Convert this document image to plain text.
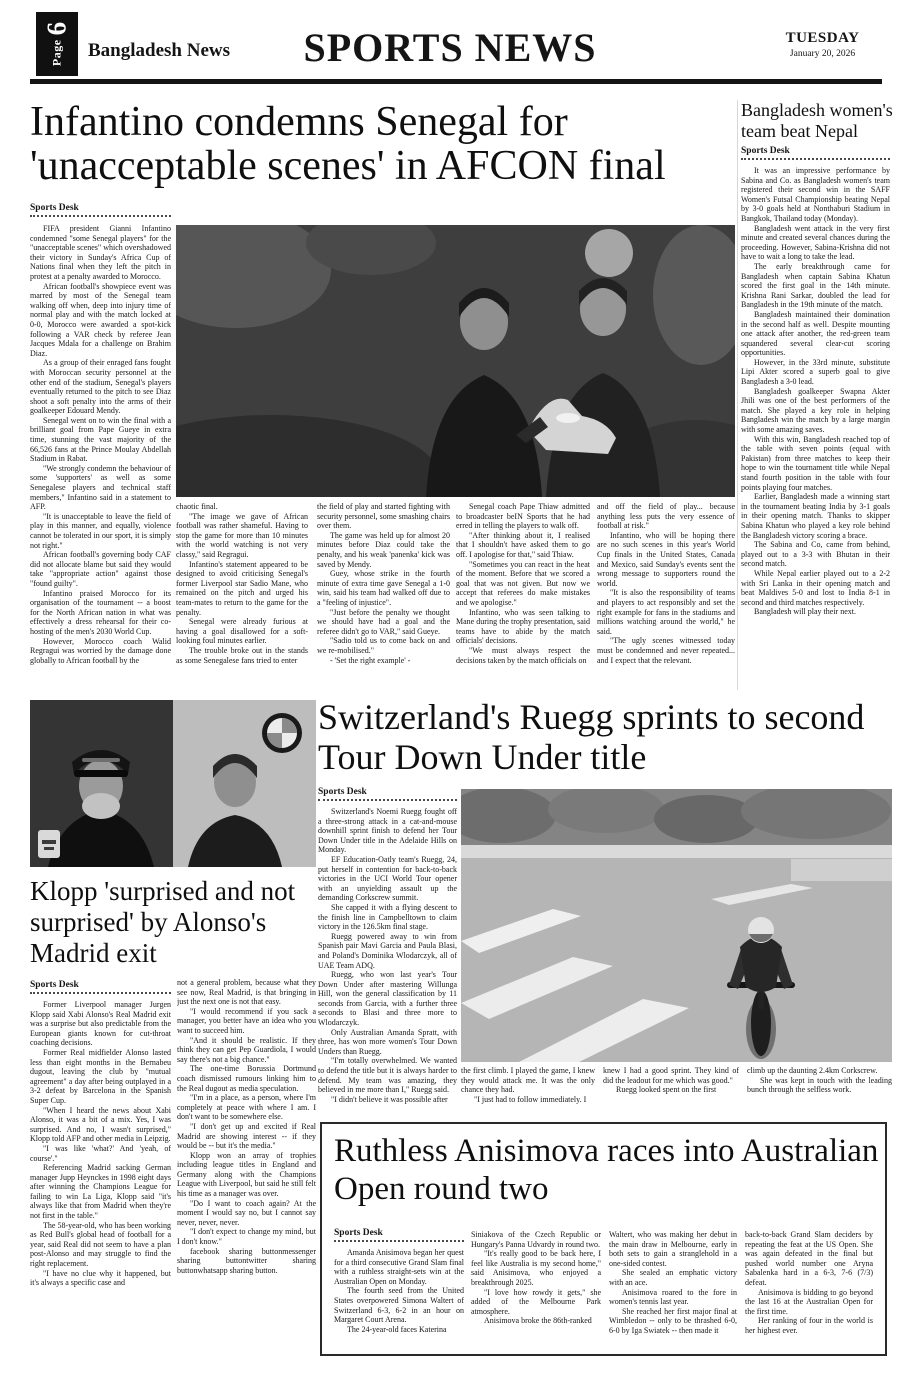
Page
6
Bangladesh News	SPORTS NEWS	TUESDAY
January 20, 2026
Infantino condemns Senegal for 'unacceptable scenes' in AFCON final
Sports Desk

FIFA president Gianni Infantino condemned "some Senegal players" for the "unacceptable scenes" which overshadowed their victory in Sunday's Africa Cup of Nations final when they left the pitch in protest at a penalty awarded to Morocco.

African football's showpiece event was marred by most of the Senegal team walking off when, deep into injury time of normal play and with the match locked at 0-0, Morocco were awarded a spot-kick following a VAR check by referee Jean Jacques Mdala for a challenge on Brahim Diaz.

As a group of their enraged fans fought with Moroccan security personnel at the other end of the stadium, Senegal's players eventually returned to the pitch to see Diaz shoot a soft penalty into the arms of their goalkeeper Edouard Mendy.

Senegal went on to win the final with a brilliant goal from Pape Gueye in extra time, stunning the vast majority of the 66,526 fans at the Prince Moulay Abdellah Stadium in Rabat.

"We strongly condemn the behaviour of some 'supporters' as well as some Senegalese players and technical staff members," Infantino said in a statement to AFP.

"It is unacceptable to leave the field of play in this manner, and equally, violence cannot be tolerated in our sport, it is simply not right."

African football's governing body CAF did not allocate blame but said they would take "appropriate action" against those "found guilty".

Infantino praised Morocco for its organisation of the tournament -- a boost for the North African nation in what was effectively a dress rehearsal for their co-hosting of the men's 2030 World Cup.

However, Morocco coach Walid Regragui was worried by the damage done globally to African football by the

chaotic final.

"The image we gave of African football was rather shameful. Having to stop the game for more than 10 minutes with the world watching is not very classy," said Regragui.

Infantino's statement appeared to be designed to avoid criticising Senegal's former Liverpool star Sadio Mane, who remained on the pitch and urged his team-mates to return to the game for the penalty.

Senegal were already furious at having a goal disallowed for a soft-looking foul minutes earlier.

The trouble broke out in the stands as some Senegalese fans tried to enter

the field of play and started fighting with security personnel, some smashing chairs over them.

The game was held up for almost 20 minutes before Diaz could take the penalty, and his weak 'panenka' kick was saved by Mendy.

Guey, whose strike in the fourth minute of extra time gave Senegal a 1-0 win, said his team had walked off due to a "feeling of injustice".

"Just before the penalty we thought we should have had a goal and the referee didn't go to VAR," said Gueye.

"Sadio told us to come back on and we re-mobilised."

- 'Set the right example' -

Senegal coach Pape Thiaw admitted to broadcaster beIN Sports that he had erred in telling the players to walk off.

"After thinking about it, I realised that I shouldn't have asked them to go off. I apologise for that," said Thiaw.

"Sometimes you can react in the heat of the moment. Before that we scored a goal that was not given. But now we accept that referees do make mistakes and we apologise."

Infantino, who was seen talking to Mane during the trophy presentation, said teams have to abide by the match officials' decisions.

"We must always respect the decisions taken by the match officials on

and off the field of play... because anything less puts the very essence of football at risk."

Infantino, who will be hoping there are no such scenes in this year's World Cup finals in the United States, Canada and Mexico, said Sunday's events sent the wrong message to supporters round the world.

"It is also the responsibility of teams and players to act responsibly and set the right example for fans in the stadiums and millions watching around the world," he said.

"The ugly scenes witnessed today must be condemned and never repeated... and I expect that the relevant.

Bangladesh women's team beat Nepal
Sports Desk

It was an impressive performance by Sabina and Co. as Bangladesh women's team registered their second win in the SAFF Women's Futsal Championship beating Nepal by 3-0 goals held at Nonthaburi Stadium in Bangkok, Thailand today (Monday).

Bangladesh went attack in the very first minute and created several chances during the proceeding. However, Sabina-Krishna did not have to wait a long to take the lead.

The early breakthrough came for Bangladesh when captain Sabina Khatun scored the first goal in the 14th minute. Krishna Rani Sarkar, doubled the lead for Bangladesh in the 19th minute of the match.

Bangladesh maintained their domination in the second half as well. Despite mounting one attack after another, the red-green team squandered several clear-cut scoring opportunities.

However, in the 33rd minute, substitute Lipi Akter scored a superb goal to give Bangladesh a 3-0 lead.

Bangladesh goalkeeper Swapna Akter Jhili was one of the best performers of the match. She played a key role in helping Bangladesh win the match by a large margin with some amazing saves.

With this win, Bangladesh reached top of the table with seven points (equal with Pakistan) from three matches to keep their hope to win the tournament title while Nepal stand fourth position in the table with four points playing four matches.

Earlier, Bangladesh made a winning start in the tournament beating India by 3-1 goals in their opening match. Thanks to skipper Sabina Khatun who played a key role behind the Bangladesh victory scoring a brace.

The Sabina and Co, came from behind, played out to a 3-3 with Bhutan in their second match.

While Nepal earlier played out to a 2-2 with Sri Lanka in their opening match and beat Maldives 5-0 and lost to India 8-1 in second and third matches respectively.

Bangladesh will play their next.

Klopp 'surprised and not surprised' by Alonso's Madrid exit
Sports Desk

Former Liverpool manager Jurgen Klopp said Xabi Alonso's Real Madrid exit was a surprise but also predictable from the European giants known for cut-throat coaching decisions.

Former Real midfielder Alonso lasted less than eight months in the Bernabeu dugout, leaving the club by "mutual agreement" a day after being outplayed in a 3-2 defeat by Barcelona in the Spanish Super Cup.

"When I heard the news about Xabi Alonso, it was a bit of a mix. Yes, I was surprised. And no, I wasn't surprised," Klopp told AFP and other media in Leipzig.

"I was like 'what?' And 'yeah, of course'."

Referencing Madrid sacking German manager Jupp Heynckes in 1998 eight days after winning the Champions League for failing to win La Liga, Klopp said "it's always like that from Madrid when they're not first in the table."

The 58-year-old, who has been working as Red Bull's global head of football for a year, said Real did not seem to have a plan post-Alonso and may struggle to find the right replacement.

"I have no clue why it happened, but it's always a specific case and

not a general problem, because what they see now, Real Madrid, is that bringing in just the next one is not that easy.

"I would recommend if you sack a manager, you better have an idea who you want to succeed him.

"And it should be realistic. If they think they can get Pep Guardiola, I would say there's not a big chance."

The one-time Borussia Dortmund coach dismissed rumours linking him to the Real dugout as media speculation.

"I'm in a place, as a person, where I'm completely at peace with where I am. I don't want to be somewhere else.

"I don't get up and excited if Real Madrid are showing interest -- if they would be -- but it's the media."

Klopp won an array of trophies including league titles in England and Germany along with the Champions League with Liverpool, but said he still felt his time as a manager was over.

"Do I want to coach again? At the moment I would say no, but I cannot say never, never, never.

"I don't expect to change my mind, but I don't know."

facebook sharing buttonmessenger sharing buttontwitter sharing buttonwhatsapp sharing button.

Switzerland's Ruegg sprints to second Tour Down Under title
Sports Desk

Switzerland's Noemi Ruegg fought off a three-strong attack in a cat-and-mouse downhill sprint finish to defend her Tour Down Under title in the Adelaide Hills on Monday.

EF Education-Oatly team's Ruegg, 24, put herself in contention for back-to-back victories in the UCI World Tour opener with an unyielding assault up the demanding Corkscrew summit.

She capped it with a flying descent to the finish line in Campbelltown to claim victory in the 126.5km final stage.

Ruegg powered away to win from Spanish pair Mavi Garcia and Paula Blasi, and Poland's Dominika Wlodarczyk, all of UAE Team ADQ.

Ruegg, who won last year's Tour Down Under after mastering Willunga Hill, won the general classification by 11 seconds from Garcia, with a further three seconds to Blasi and three more to Wlodarczyk.

Only Australian Amanda Spratt, with three, has won more women's Tour Down Unders than Ruegg.

"I'm totally overwhelmed. We wanted to defend the title but it is always harder to defend. My team was amazing, they believed in me more than I," Ruegg said.

"I didn't believe it was possible after

the first climb. I played the game, I knew they would attack me. It was the only chance they had.

"I just had to follow immediately. I

knew I had a good sprint. They kind of did the leadout for me which was good."

Ruegg looked spent on the first

climb up the daunting 2.4km Corkscrew.

She was kept in touch with the leading bunch through the selfless work.

Ruthless Anisimova races into Australian Open round two
Sports Desk

Amanda Anisimova began her quest for a third consecutive Grand Slam final with a ruthless straight-sets win at the Australian Open on Monday.

The fourth seed from the United States overpowered Simona Waltert of Switzerland 6-3, 6-2 in an hour on Margaret Court Arena.

The 24-year-old faces Katerina

Siniakova of the Czech Republic or Hungary's Panna Udvardy in round two.

"It's really good to be back here, I feel like Australia is my second home," said Anisimova, who enjoyed a breakthrough 2025.

"I love how rowdy it gets," she added of the Melbourne Park atmosphere.

Anisimova broke the 86th-ranked

Waltert, who was making her debut in the main draw in Melbourne, early in both sets to gain a stranglehold in a one-sided contest.

She sealed an emphatic victory with an ace.

Anisimova roared to the fore in women's tennis last year.

She reached her first major final at Wimbledon -- only to be thrashed 6-0, 6-0 by Iga Swiatek -- then made it

back-to-back Grand Slam deciders by repeating the feat at the US Open. She was again defeated in the final but pushed world number one Aryna Sabalenka hard in a 6-3, 7-6 (7/3) defeat.

Anisimova is bidding to go beyond the last 16 at the Australian Open for the first time.

Her ranking of four in the world is her highest ever.
